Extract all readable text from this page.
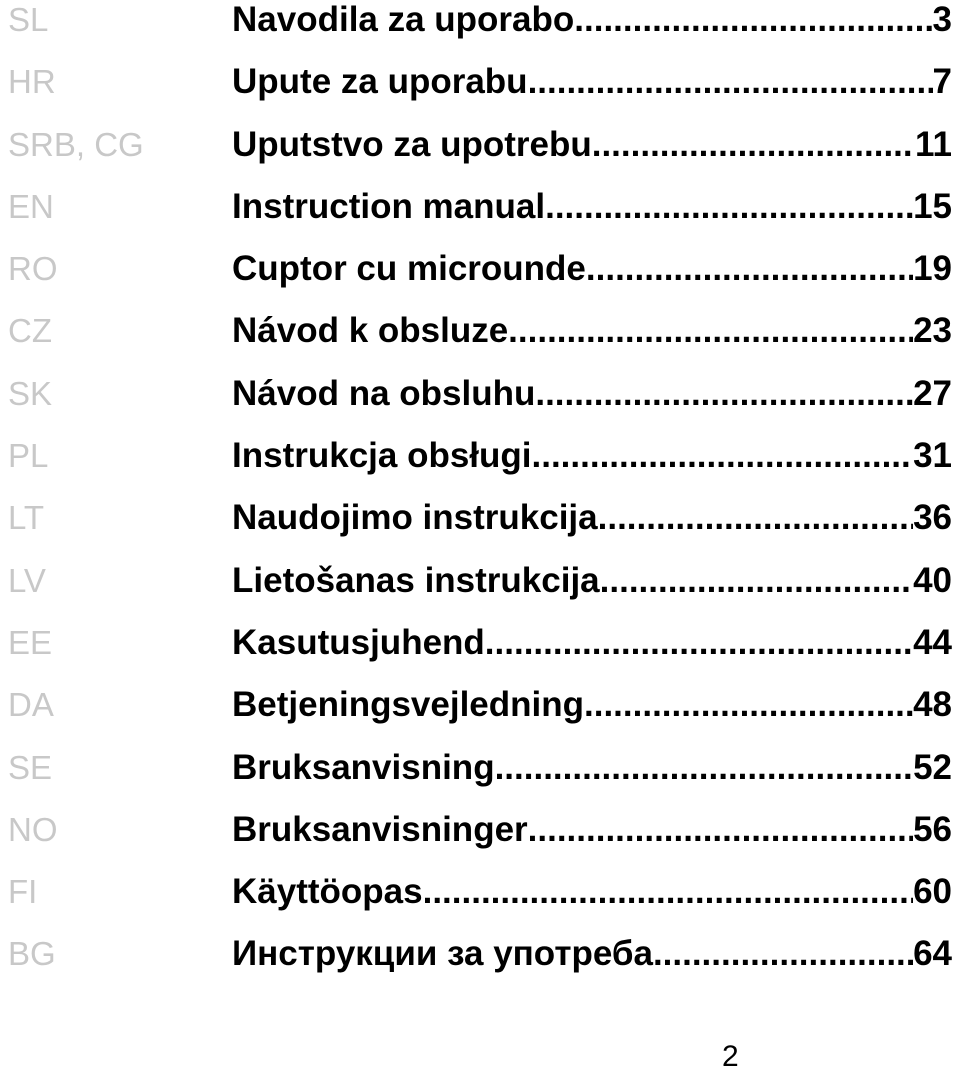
SL	Navodila za uporabo .....	3
HR	Upute za uporabu .....	7
SRB, CG	Uputstvo za upotrebu .....	11
EN	Instruction manual .....	15
RO	Cuptor cu microunde .....	19
CZ	Návod k obsluze .....	23
SK	Návod na obsluhu .....	27
PL	Instrukcja obsługi .....	31
LT	Naudojimo instrukcija .....	36
LV	Lietošanas instrukcija .....	40
EE	Kasutusjuhend .....	44
DA	Betjeningsvejledning .....	48
SE	Bruksanvisning .....	52
NO	Bruksanvisninger .....	56
FI	Käyttöopas .....	60
BG	Инструкции за употреба .....	64
2
